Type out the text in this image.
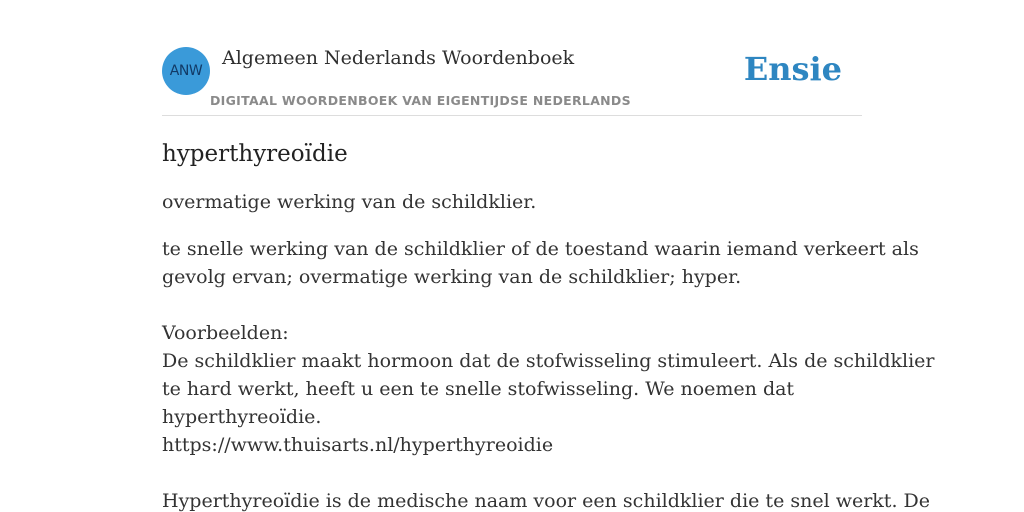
ANW
Algemeen Nederlands Woordenboek
DIGITAAL WOORDENBOEK VAN EIGENTIJDSE NEDERLANDS
Ensie
hyperthyreoïdie

overmatige werking van de schildklier.

te snelle werking van de schildklier of de toestand waarin iemand verkeert als
gevolg ervan; overmatige werking van de schildklier; hyper.
Voorbeelden:
De schildklier maakt hormoon dat de stofwisseling stimuleert. Als de schildklier
te hard werkt, heeft u een te snelle stofwisseling. We noemen dat
hyperthyreoïdie.
https://www.thuisarts.nl/hyperthyreoidie
Hyperthyreoïdie is de medische naam voor een schildklier die te snel werkt. De
